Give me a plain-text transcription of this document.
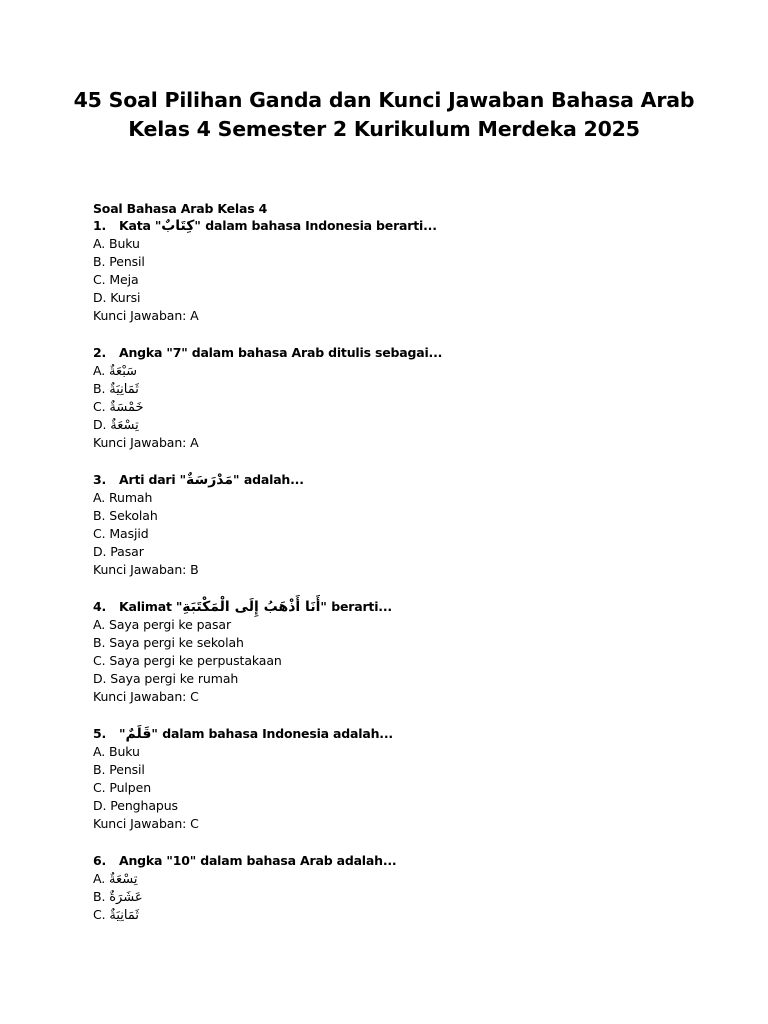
45 Soal Pilihan Ganda dan Kunci Jawaban Bahasa Arab
Kelas 4 Semester 2 Kurikulum Merdeka 2025
Soal Bahasa Arab Kelas 4
1. Kata "كِتَابٌ" dalam bahasa Indonesia berarti...
A. Buku
B. Pensil
C. Meja
D. Kursi
Kunci Jawaban: A
2. Angka "7" dalam bahasa Arab ditulis sebagai...
A. سَبْعَةٌ
B. ثَمَانِيَةٌ
C. خَمْسَةٌ
D. تِسْعَةٌ
Kunci Jawaban: A
3. Arti dari "مَدْرَسَةٌ" adalah...
A. Rumah
B. Sekolah
C. Masjid
D. Pasar
Kunci Jawaban: B
4. Kalimat "أَنَا أَذْهَبُ إِلَى الْمَكْتَبَةِ" berarti...
A. Saya pergi ke pasar
B. Saya pergi ke sekolah
C. Saya pergi ke perpustakaan
D. Saya pergi ke rumah
Kunci Jawaban: C
5. "قَلَمٌ" dalam bahasa Indonesia adalah...
A. Buku
B. Pensil
C. Pulpen
D. Penghapus
Kunci Jawaban: C
6. Angka "10" dalam bahasa Arab adalah...
A. تِسْعَةٌ
B. عَشَرَةٌ
C. ثَمَانِيَةٌ
